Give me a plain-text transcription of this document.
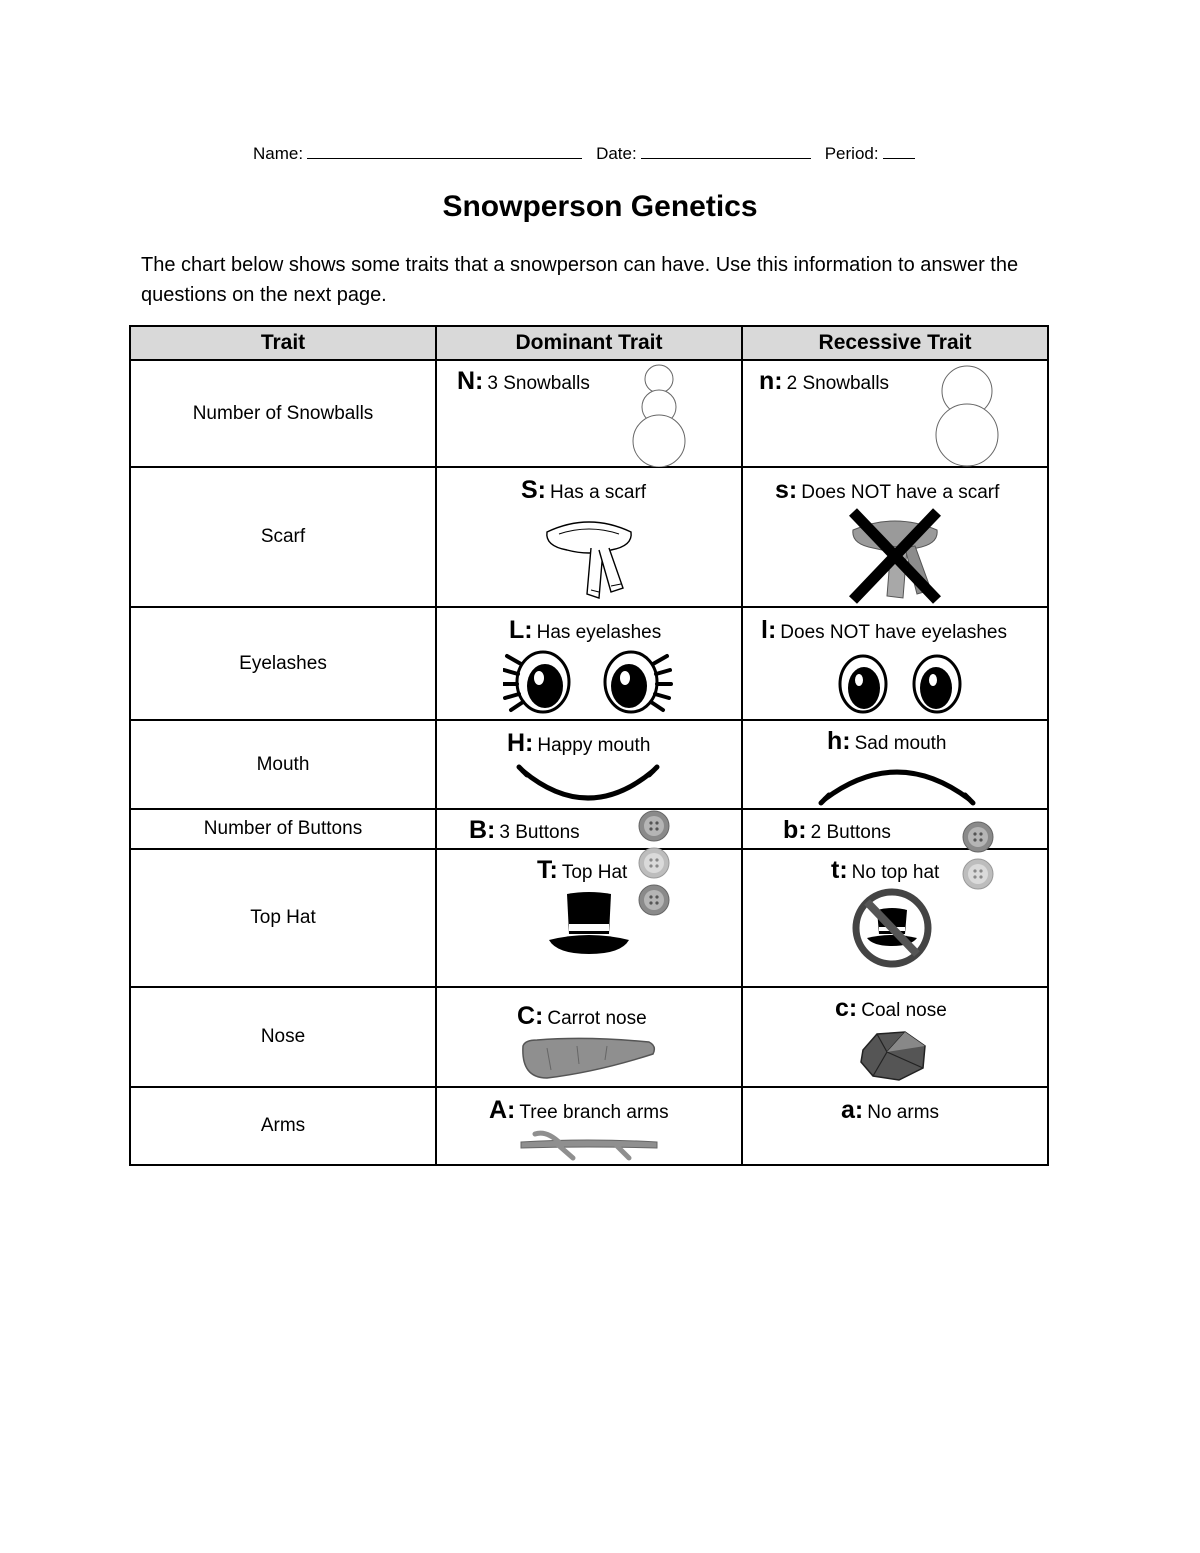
Name:	Date:	Period:
Snowperson Genetics
The chart below shows some traits that a snowperson can have. Use this information to answer the questions on the next page.
Trait	Dominant Trait	Recessive Trait
Number of Snowballs	N: 3 Snowballs	n: 2 Snowballs

Scarf	S: Has a scarf	s: Does NOT have a scarf

Eyelashes	L: Has eyelashes	l: Does NOT have eyelashes

Mouth	H: Happy mouth	h: Sad mouth

Number of Buttons	B: 3 Buttons	b: 2 Buttons

Top Hat	T: Top Hat	t: No top hat

Nose	C: Carrot nose	c: Coal nose

Arms	A: Tree branch arms	a: No arms
